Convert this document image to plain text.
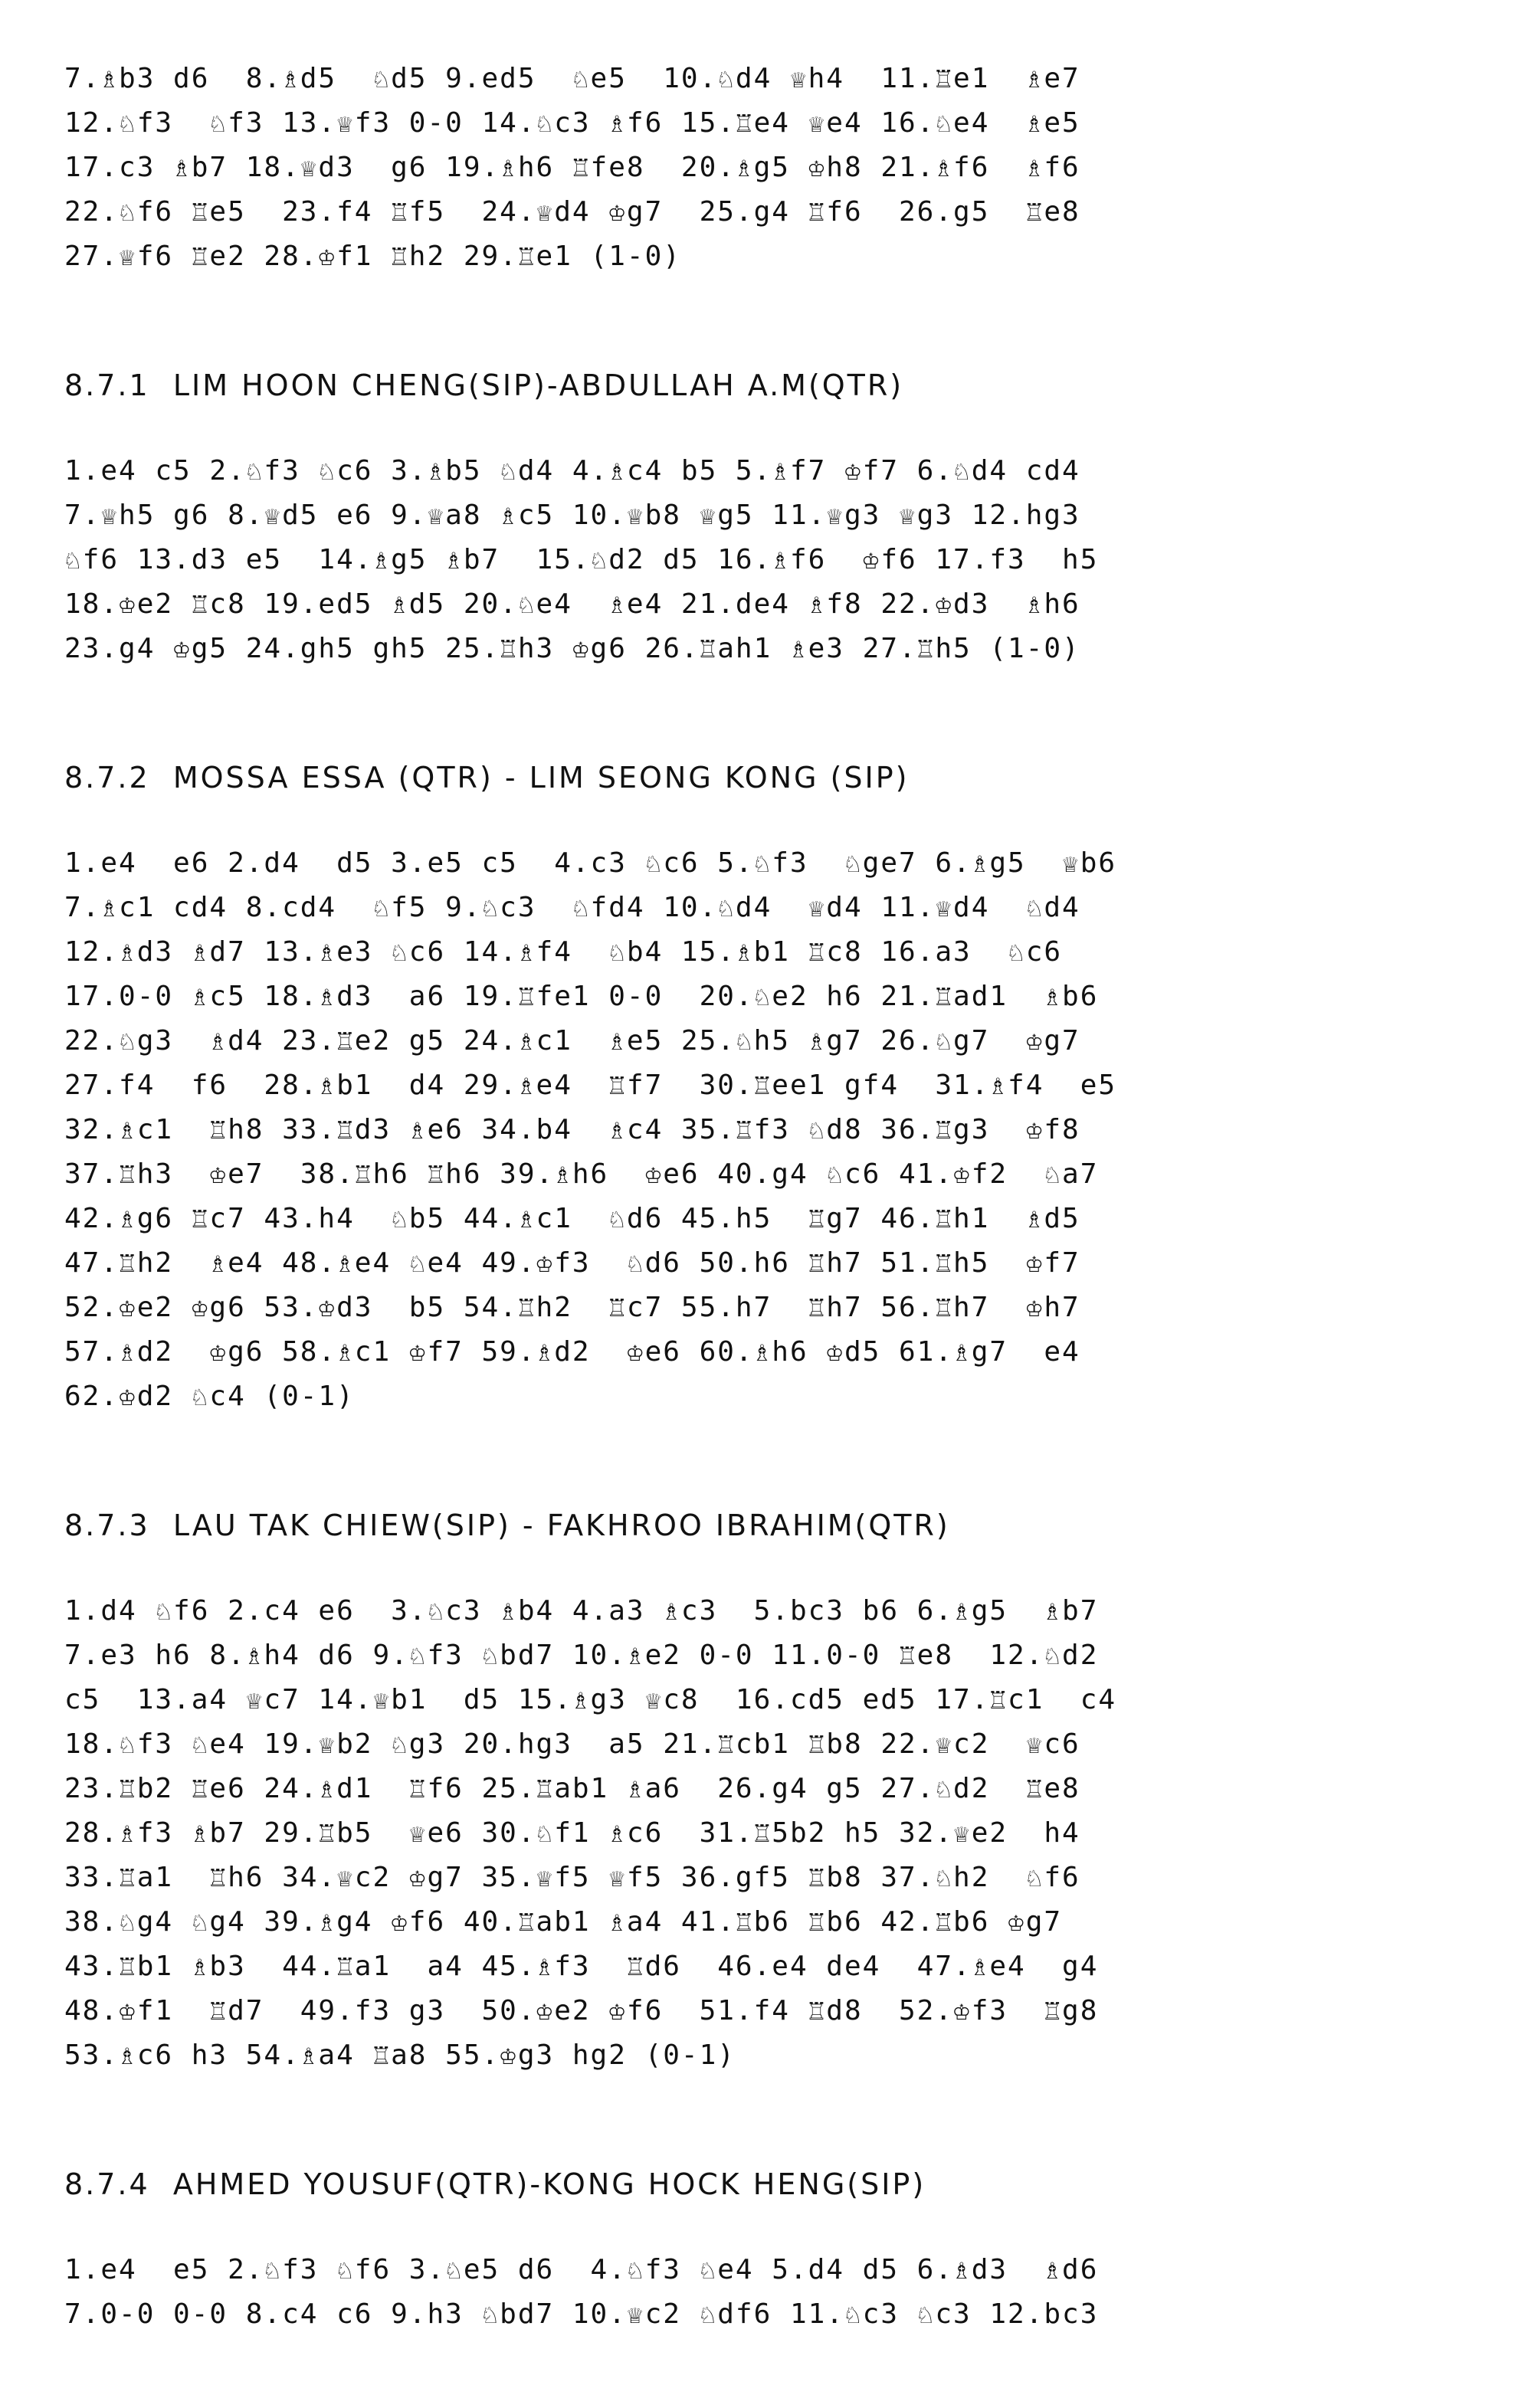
7.♗b3 d6  8.♗d5  ♘d5 9.ed5  ♘e5  10.♘d4 ♕h4  11.♖e1  ♗e7
12.♘f3  ♘f3 13.♕f3 0-0 14.♘c3 ♗f6 15.♖e4 ♕e4 16.♘e4  ♗e5
17.c3 ♗b7 18.♕d3  g6 19.♗h6 ♖fe8  20.♗g5 ♔h8 21.♗f6  ♗f6
22.♘f6 ♖e5  23.f4 ♖f5  24.♕d4 ♔g7  25.g4 ♖f6  26.g5  ♖e8
27.♕f6 ♖e2 28.♔f1 ♖h2 29.♖e1 (1-0)
8.7.1  LIM HOON CHENG(SIP)-ABDULLAH A.M(QTR)
1.e4 c5 2.♘f3 ♘c6 3.♗b5 ♘d4 4.♗c4 b5 5.♗f7 ♔f7 6.♘d4 cd4
7.♕h5 g6 8.♕d5 e6 9.♕a8 ♗c5 10.♕b8 ♕g5 11.♕g3 ♕g3 12.hg3
♘f6 13.d3 e5  14.♗g5 ♗b7  15.♘d2 d5 16.♗f6  ♔f6 17.f3  h5
18.♔e2 ♖c8 19.ed5 ♗d5 20.♘e4  ♗e4 21.de4 ♗f8 22.♔d3  ♗h6
23.g4 ♔g5 24.gh5 gh5 25.♖h3 ♔g6 26.♖ah1 ♗e3 27.♖h5 (1-0)
8.7.2  MOSSA ESSA (QTR) - LIM SEONG KONG (SIP)
1.e4  e6 2.d4  d5 3.e5 c5  4.c3 ♘c6 5.♘f3  ♘ge7 6.♗g5  ♕b6
7.♗c1 cd4 8.cd4  ♘f5 9.♘c3  ♘fd4 10.♘d4  ♕d4 11.♕d4  ♘d4
12.♗d3 ♗d7 13.♗e3 ♘c6 14.♗f4  ♘b4 15.♗b1 ♖c8 16.a3  ♘c6
17.0-0 ♗c5 18.♗d3  a6 19.♖fe1 0-0  20.♘e2 h6 21.♖ad1  ♗b6
22.♘g3  ♗d4 23.♖e2 g5 24.♗c1  ♗e5 25.♘h5 ♗g7 26.♘g7  ♔g7
27.f4  f6  28.♗b1  d4 29.♗e4  ♖f7  30.♖ee1 gf4  31.♗f4  e5
32.♗c1  ♖h8 33.♖d3 ♗e6 34.b4  ♗c4 35.♖f3 ♘d8 36.♖g3  ♔f8
37.♖h3  ♔e7  38.♖h6 ♖h6 39.♗h6  ♔e6 40.g4 ♘c6 41.♔f2  ♘a7
42.♗g6 ♖c7 43.h4  ♘b5 44.♗c1  ♘d6 45.h5  ♖g7 46.♖h1  ♗d5
47.♖h2  ♗e4 48.♗e4 ♘e4 49.♔f3  ♘d6 50.h6 ♖h7 51.♖h5  ♔f7
52.♔e2 ♔g6 53.♔d3  b5 54.♖h2  ♖c7 55.h7  ♖h7 56.♖h7  ♔h7
57.♗d2  ♔g6 58.♗c1 ♔f7 59.♗d2  ♔e6 60.♗h6 ♔d5 61.♗g7  e4
62.♔d2 ♘c4 (0-1)
8.7.3  LAU TAK CHIEW(SIP) - FAKHROO IBRAHIM(QTR)
1.d4 ♘f6 2.c4 e6  3.♘c3 ♗b4 4.a3 ♗c3  5.bc3 b6 6.♗g5  ♗b7
7.e3 h6 8.♗h4 d6 9.♘f3 ♘bd7 10.♗e2 0-0 11.0-0 ♖e8  12.♘d2
c5  13.a4 ♕c7 14.♕b1  d5 15.♗g3 ♕c8  16.cd5 ed5 17.♖c1  c4
18.♘f3 ♘e4 19.♕b2 ♘g3 20.hg3  a5 21.♖cb1 ♖b8 22.♕c2  ♕c6
23.♖b2 ♖e6 24.♗d1  ♖f6 25.♖ab1 ♗a6  26.g4 g5 27.♘d2  ♖e8
28.♗f3 ♗b7 29.♖b5  ♕e6 30.♘f1 ♗c6  31.♖5b2 h5 32.♕e2  h4
33.♖a1  ♖h6 34.♕c2 ♔g7 35.♕f5 ♕f5 36.gf5 ♖b8 37.♘h2  ♘f6
38.♘g4 ♘g4 39.♗g4 ♔f6 40.♖ab1 ♗a4 41.♖b6 ♖b6 42.♖b6 ♔g7
43.♖b1 ♗b3  44.♖a1  a4 45.♗f3  ♖d6  46.e4 de4  47.♗e4  g4
48.♔f1  ♖d7  49.f3 g3  50.♔e2 ♔f6  51.f4 ♖d8  52.♔f3  ♖g8
53.♗c6 h3 54.♗a4 ♖a8 55.♔g3 hg2 (0-1)
8.7.4  AHMED YOUSUF(QTR)-KONG HOCK HENG(SIP)
1.e4  e5 2.♘f3 ♘f6 3.♘e5 d6  4.♘f3 ♘e4 5.d4 d5 6.♗d3  ♗d6
7.0-0 0-0 8.c4 c6 9.h3 ♘bd7 10.♕c2 ♘df6 11.♘c3 ♘c3 12.bc3
